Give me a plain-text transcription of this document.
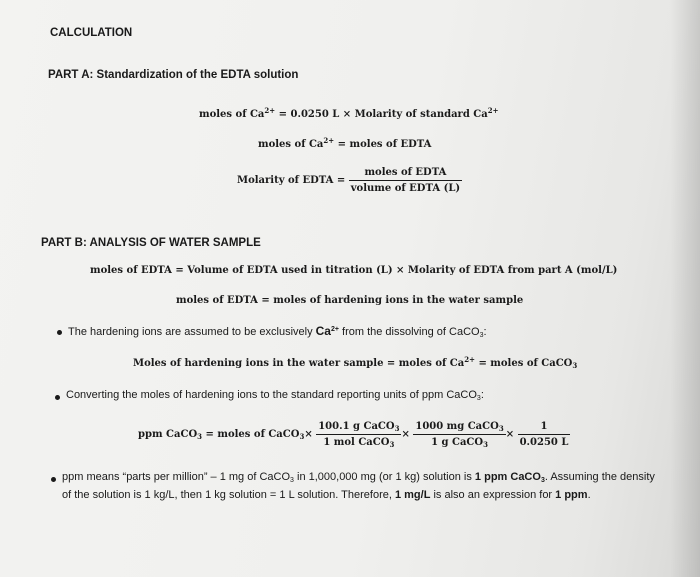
CALCULATION
PART A: Standardization of the EDTA solution
moles of $Ca^{2+} = 0.0250$ L × Molarity of standard $Ca^{2+}$
moles of $Ca^{2+}$ = moles of EDTA
Molarity of EDTA = $\frac{\text{moles of EDTA}}{\text{volume of EDTA (L)}}$
PART B: ANALYSIS OF WATER SAMPLE
moles of EDTA = Volume of EDTA used in titration (L) × Molarity of EDTA from part A (mol/L)
moles of EDTA = moles of hardening ions in the water sample
The hardening ions are assumed to be exclusively $Ca^{2+}$ from the dissolving of CaCO$_3$:
Moles of hardening ions in the water sample = moles of $Ca^{2+}$ = moles of CaCO$_3$
Converting the moles of hardening ions to the standard reporting units of ppm CaCO$_3$:
ppm CaCO$_3$ = moles of CaCO$_3$× $\frac{100.1 g CaCO_3}{1 mol CaCO_3} \times \frac{1000 mg CaCO_3}{1 g CaCO_3} \times \frac{1}{0.0250 L}$
ppm means “parts per million” – 1 mg of CaCO$_3$ in 1,000,000 mg (or 1 kg) solution is 1 ppm CaCO$_3$. Assuming the density of the solution is 1 kg/L, then 1 kg solution = 1 L solution. Therefore, 1 mg/L is also an expression for 1 ppm.
